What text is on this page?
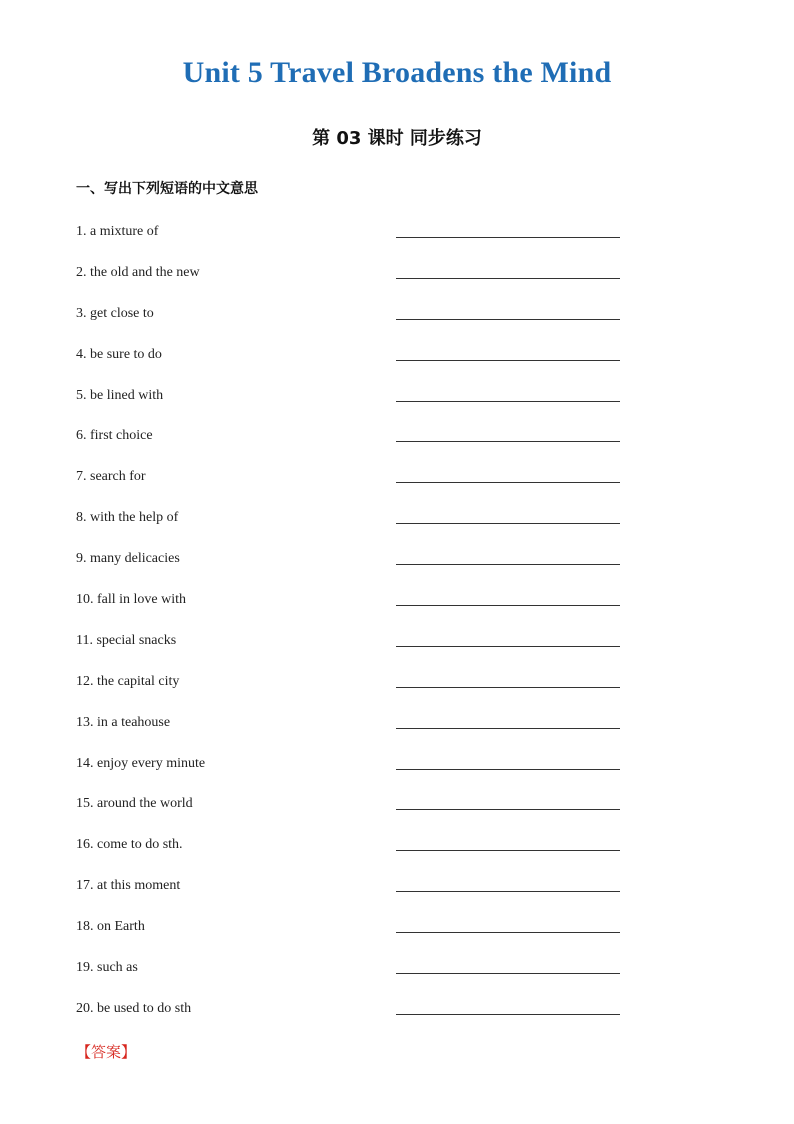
Unit 5 Travel Broadens the Mind
第 03 课时 同步练习
一、写出下列短语的中文意思
1. a mixture of
2. the old and the new
3. get close to
4. be sure to do
5. be lined with
6. first choice
7. search for
8. with the help of
9. many delicacies
10. fall in love with
11. special snacks
12. the capital city
13. in a teahouse
14. enjoy every minute
15. around the world
16. come to do sth.
17. at this moment
18. on Earth
19. such as
20. be used to do sth
【答案】
